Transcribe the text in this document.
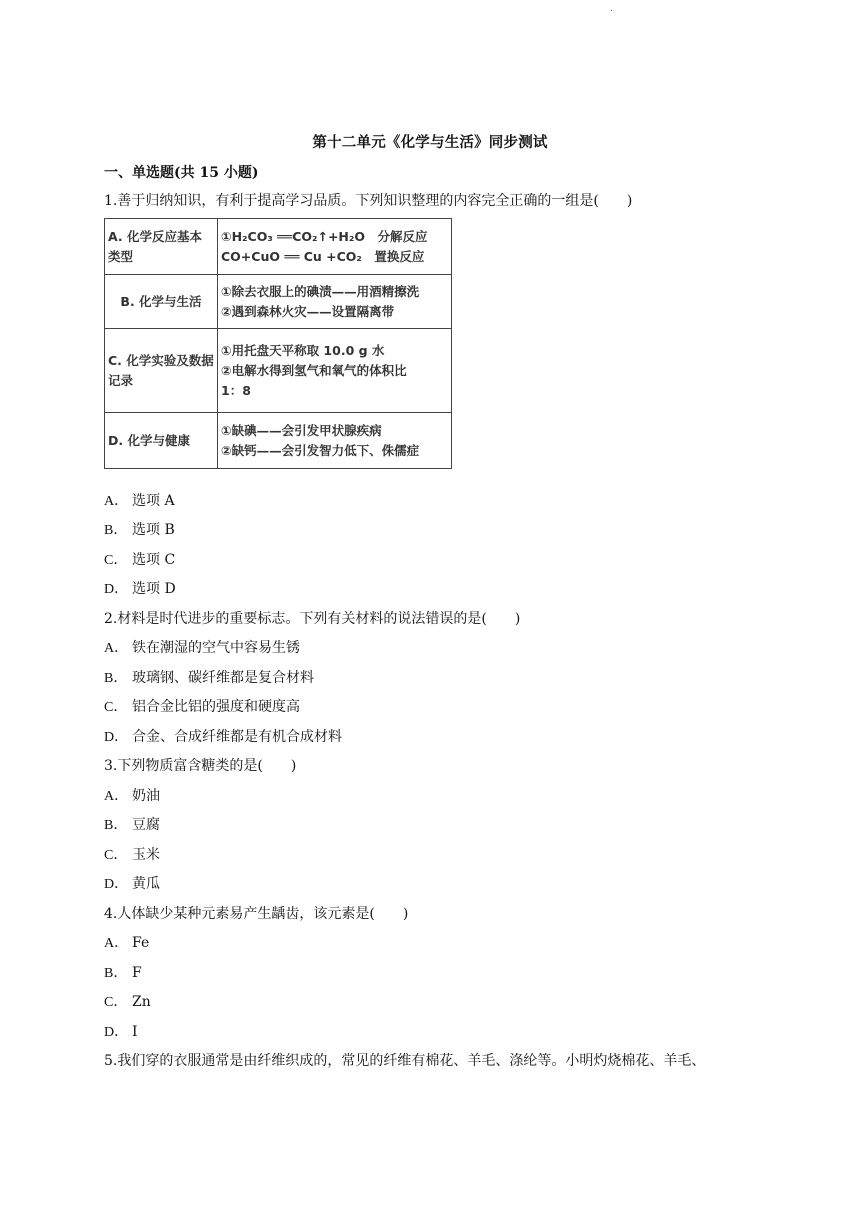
.
第十二单元《化学与生活》同步测试
一、单选题(共 15 小题)
1.善于归纳知识，有利于提高学习品质。下列知识整理的内容完全正确的一组是(　　)
A. 化学反应基本类型	①H₂CO₃ ══CO₂↑+H₂O　分解反应
CO+CuO ══ Cu +CO₂　置换反应

B. 化学与生活	①除去衣服上的碘渍——用酒精擦洗
②遇到森林火灾——设置隔离带

C. 化学实验及数据记录	①用托盘天平称取 10.0 g 水
②电解水得到氢气和氧气的体积比
1：8

D. 化学与健康	①缺碘——会引发甲状腺疾病
②缺钙——会引发智力低下、侏儒症
A． 选项 A
B． 选项 B
C． 选项 C
D． 选项 D
2.材料是时代进步的重要标志。下列有关材料的说法错误的是(　　)
A． 铁在潮湿的空气中容易生锈
B． 玻璃钢、碳纤维都是复合材料
C． 铝合金比铝的强度和硬度高
D． 合金、合成纤维都是有机合成材料
3.下列物质富含糖类的是(　　)
A． 奶油
B． 豆腐
C． 玉米
D． 黄瓜
4.人体缺少某种元素易产生龋齿，该元素是(　　)
A． Fe
B． F
C． Zn
D． I
5.我们穿的衣服通常是由纤维织成的，常见的纤维有棉花、羊毛、涤纶等。小明灼烧棉花、羊毛、
